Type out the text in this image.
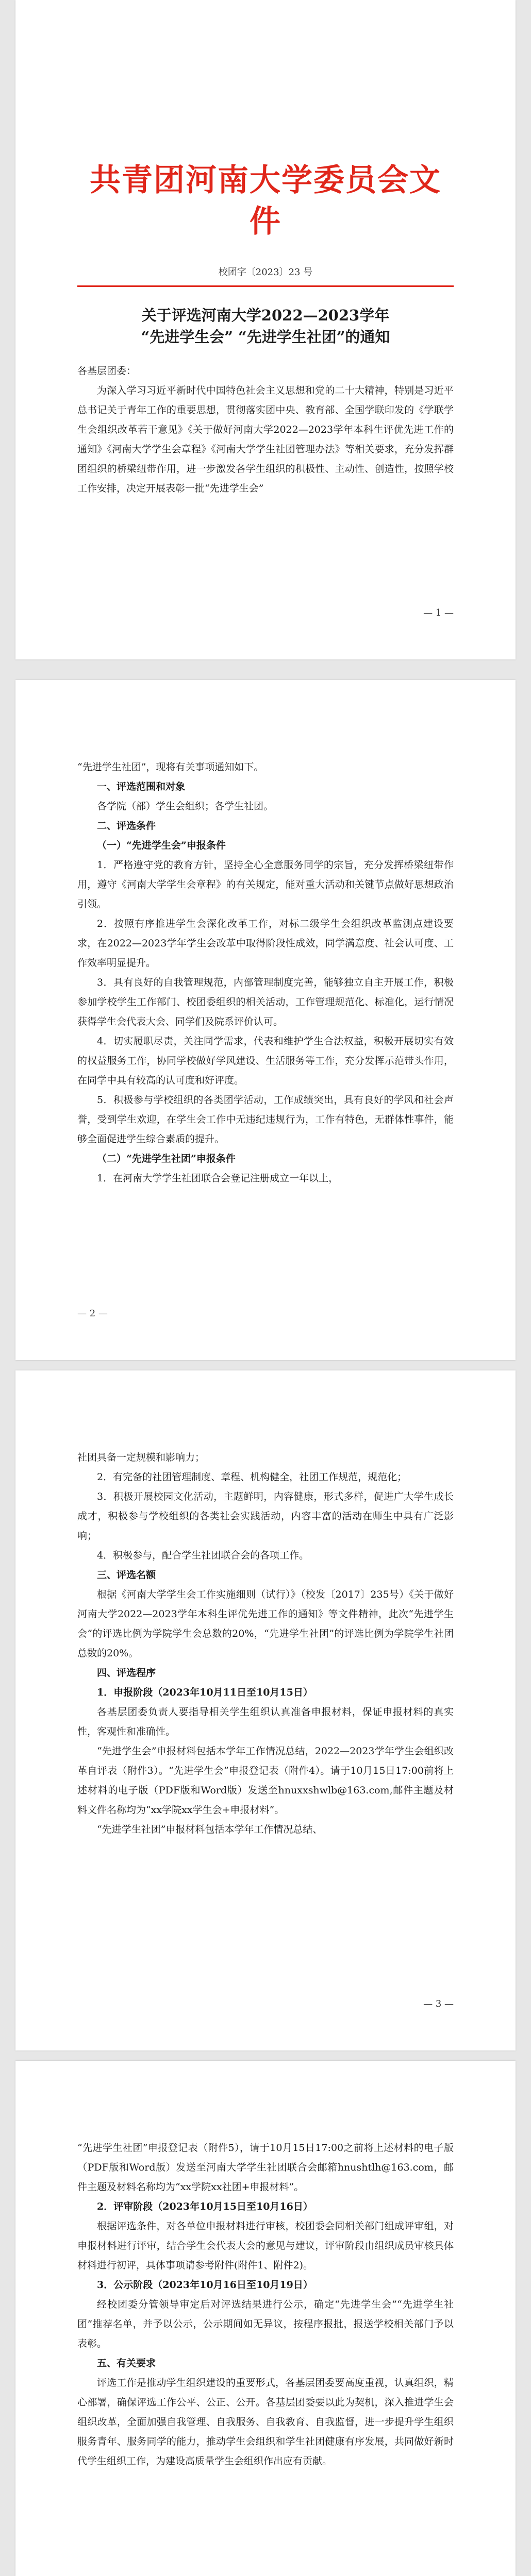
共青团河南大学委员会文件
校团字〔2023〕23 号
关于评选河南大学2022—2023学年
“先进学生会” “先进学生社团”的通知

各基层团委：

为深入学习习近平新时代中国特色社会主义思想和党的二十大精神，特别是习近平总书记关于青年工作的重要思想，贯彻落实团中央、教育部、全国学联印发的《学联学生会组织改革若干意见》《关于做好河南大学2022—2023学年本科生评优先进工作的通知》《河南大学学生会章程》《河南大学学生社团管理办法》等相关要求，充分发挥群团组织的桥梁纽带作用，进一步激发各学生组织的积极性、主动性、创造性，按照学校工作安排，决定开展表彰一批“先进学生会”

— 1 —

“先进学生社团”，现将有关事项通知如下。

一、评选范围和对象

各学院（部）学生会组织；各学生社团。

二、评选条件

（一）“先进学生会”申报条件

1．严格遵守党的教育方针，坚持全心全意服务同学的宗旨，充分发挥桥梁纽带作用，遵守《河南大学学生会章程》的有关规定，能对重大活动和关键节点做好思想政治引领。

2．按照有序推进学生会深化改革工作，对标二级学生会组织改革监测点建设要求，在2022—2023学年学生会改革中取得阶段性成效，同学满意度、社会认可度、工作效率明显提升。

3．具有良好的自我管理规范，内部管理制度完善，能够独立自主开展工作，积极参加学校学生工作部门、校团委组织的相关活动，工作管理规范化、标准化，运行情况获得学生会代表大会、同学们及院系评价认可。

4．切实履职尽责，关注同学需求，代表和维护学生合法权益，积极开展切实有效的权益服务工作，协同学校做好学风建设、生活服务等工作，充分发挥示范带头作用，在同学中具有较高的认可度和好评度。

5．积极参与学校组织的各类团学活动，工作成绩突出，具有良好的学风和社会声誉，受到学生欢迎，在学生会工作中无违纪违规行为，工作有特色，无群体性事件，能够全面促进学生综合素质的提升。

（二）“先进学生社团”申报条件

1．在河南大学学生社团联合会登记注册成立一年以上，

— 2 —

社团具备一定规模和影响力；

2．有完备的社团管理制度、章程、机构健全，社团工作规范，规范化；

3．积极开展校园文化活动，主题鲜明，内容健康，形式多样，促进广大学生成长成才，积极参与学校组织的各类社会实践活动，内容丰富的活动在师生中具有广泛影响；

4．积极参与，配合学生社团联合会的各项工作。

三、评选名额

根据《河南大学学生会工作实施细则（试行）》（校发〔2017〕235号）《关于做好河南大学2022—2023学年本科生评优先进工作的通知》等文件精神，此次“先进学生会”的评选比例为学院学生会总数的20%，“先进学生社团”的评选比例为学院学生社团总数的20%。

四、评选程序

1．申报阶段（2023年10月11日至10月15日）

各基层团委负责人要指导相关学生组织认真准备申报材料，保证申报材料的真实性，客观性和准确性。

“先进学生会”申报材料包括本学年工作情况总结，2022—2023学年学生会组织改革自评表（附件3）。“先进学生会”申报登记表（附件4）。请于10月15日17:00前将上述材料的电子版（PDF版和Word版）发送至hnuxxshwlb@163.com,邮件主题及材料文件名称均为“xx学院xx学生会+申报材料”。

“先进学生社团”申报材料包括本学年工作情况总结、

— 3 —

“先进学生社团”申报登记表（附件5），请于10月15日17:00之前将上述材料的电子版（PDF版和Word版）发送至河南大学学生社团联合会邮箱hnushtlh@163.com，邮件主题及材料名称均为“xx学院xx社团+申报材料”。

2．评审阶段（2023年10月15日至10月16日）

根据评选条件，对各单位申报材料进行审核，校团委会同相关部门组成评审组，对申报材料进行评审，结合学生会代表大会的意见与建议，评审阶段由组织成员审核具体材料进行初评，具体事项请参考附件(附件1、附件2)。

3．公示阶段（2023年10月16日至10月19日）

经校团委分管领导审定后对评选结果进行公示，确定“先进学生会”“先进学生社团”推荐名单，并予以公示，公示期间如无异议，按程序报批，报送学校相关部门予以表彰。

五、有关要求

评选工作是推动学生组织建设的重要形式，各基层团委要高度重视，认真组织，精心部署，确保评选工作公平、公正、公开。各基层团委要以此为契机，深入推进学生会组织改革，全面加强自我管理、自我服务、自我教育、自我监督，进一步提升学生组织服务青年、服务同学的能力，推动学生会组织和学生社团健康有序发展，共同做好新时代学生组织工作，为建设高质量学生会组织作出应有贡献。
